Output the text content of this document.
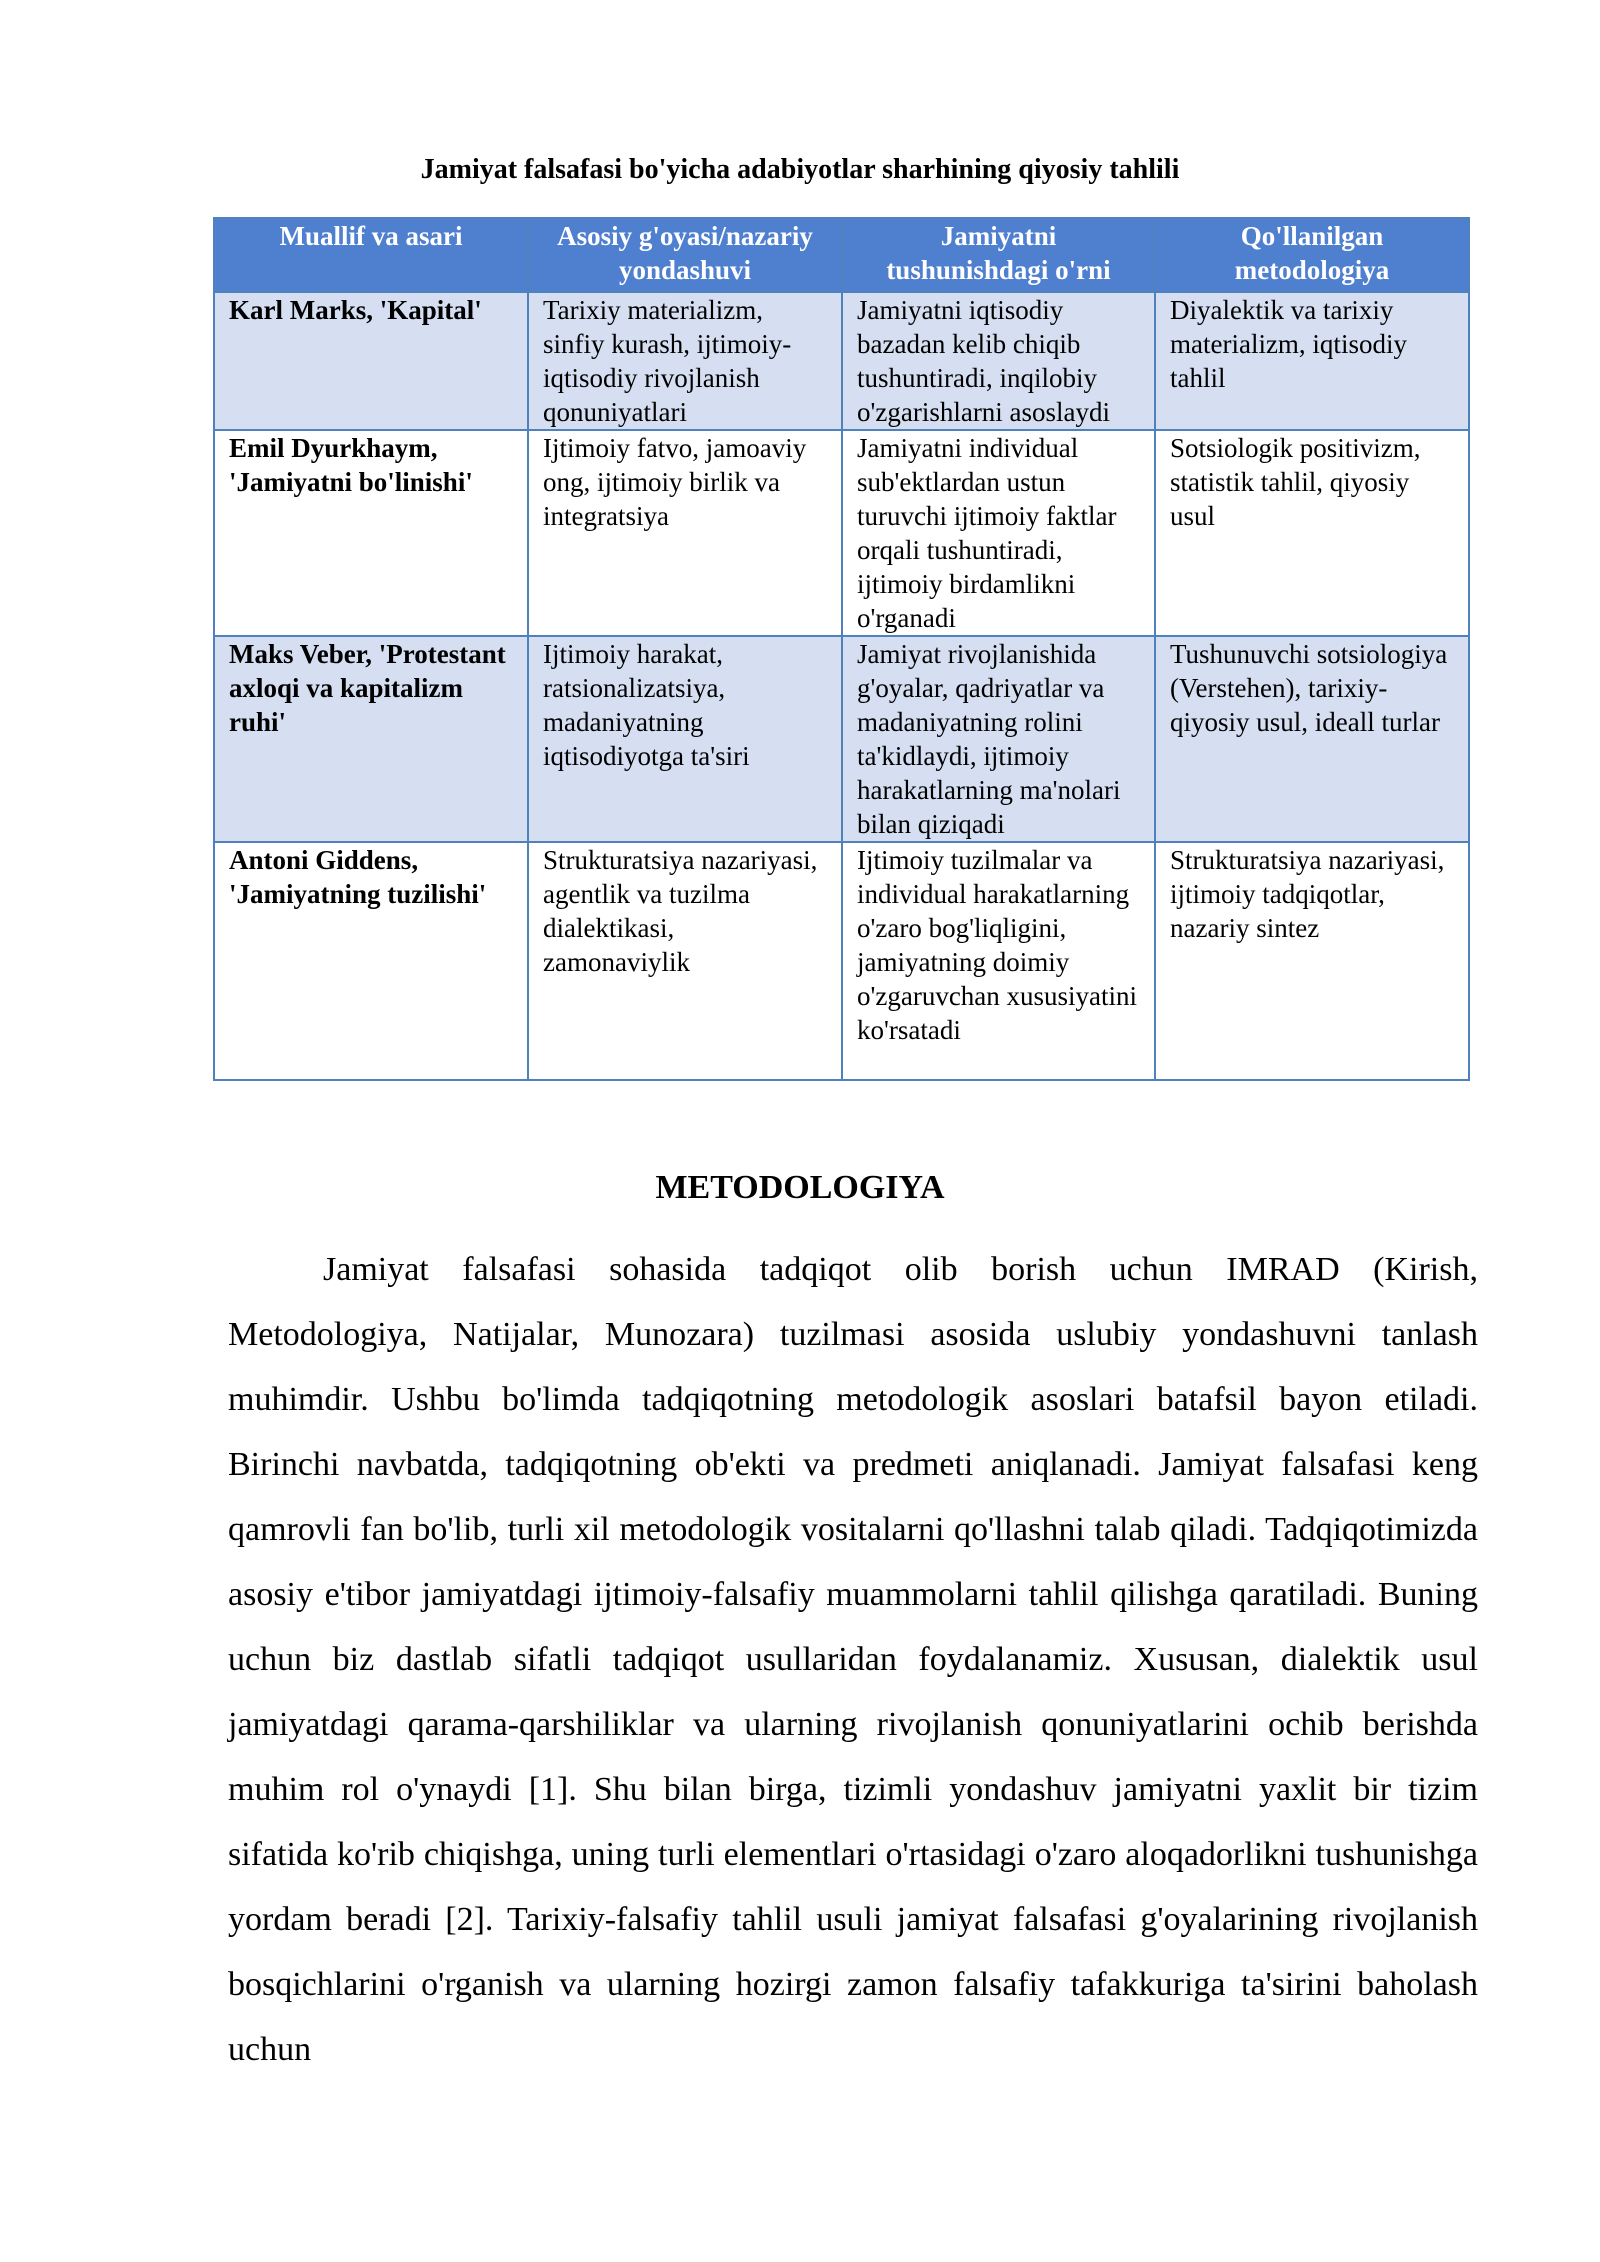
Jamiyat falsafasi bo'yicha adabiyotlar sharhining qiyosiy tahlili
Muallif va asari	Asosiy g'oyasi/nazariy yondashuvi	Jamiyatni tushunishdagi o'rni	Qo'llanilgan metodologiya
Karl Marks, 'Kapital'	Tarixiy materializm, sinfiy kurash, ijtimoiy-iqtisodiy rivojlanish qonuniyatlari	Jamiyatni iqtisodiy bazadan kelib chiqib tushuntiradi, inqilobiy o'zgarishlarni asoslaydi	Diyalektik va tarixiy materializm, iqtisodiy tahlil
Emil Dyurkhaym, 'Jamiyatni bo'linishi'	Ijtimoiy fatvo, jamoaviy ong, ijtimoiy birlik va integratsiya	Jamiyatni individual sub'ektlardan ustun turuvchi ijtimoiy faktlar orqali tushuntiradi, ijtimoiy birdamlikni o'rganadi	Sotsiologik positivizm, statistik tahlil, qiyosiy usul
Maks Veber, 'Protestant axloqi va kapitalizm ruhi'	Ijtimoiy harakat, ratsionalizatsiya, madaniyatning iqtisodiyotga ta'siri	Jamiyat rivojlanishida g'oyalar, qadriyatlar va madaniyatning rolini ta'kidlaydi, ijtimoiy harakatlarning ma'nolari bilan qiziqadi	Tushunuvchi sotsiologiya (Verstehen), tarixiy-qiyosiy usul, ideall turlar
Antoni Giddens, 'Jamiyatning tuzilishi'	Strukturatsiya nazariyasi, agentlik va tuzilma dialektikasi, zamonaviylik	Ijtimoiy tuzilmalar va individual harakatlarning o'zaro bog'liqligini, jamiyatning doimiy o'zgaruvchan xususiyatini ko'rsatadi	Strukturatsiya nazariyasi, ijtimoiy tadqiqotlar, nazariy sintez
METODOLOGIYA

Jamiyat falsafasi sohasida tadqiqot olib borish uchun IMRAD (Kirish, Metodologiya, Natijalar, Munozara) tuzilmasi asosida uslubiy yondashuvni tanlash muhimdir. Ushbu bo'limda tadqiqotning metodologik asoslari batafsil bayon etiladi. Birinchi navbatda, tadqiqotning ob'ekti va predmeti aniqlanadi. Jamiyat falsafasi keng qamrovli fan bo'lib, turli xil metodologik vositalarni qo'llashni talab qiladi. Tadqiqotimizda asosiy e'tibor jamiyatdagi ijtimoiy-falsafiy muammolarni tahlil qilishga qaratiladi. Buning uchun biz dastlab sifatli tadqiqot usullaridan foydalanamiz. Xususan, dialektik usul jamiyatdagi qarama-qarshiliklar va ularning rivojlanish qonuniyatlarini ochib berishda muhim rol o'ynaydi [1]. Shu bilan birga, tizimli yondashuv jamiyatni yaxlit bir tizim sifatida ko'rib chiqishga, uning turli elementlari o'rtasidagi o'zaro aloqadorlikni tushunishga yordam beradi [2]. Tarixiy-falsafiy tahlil usuli jamiyat falsafasi g'oyalarining rivojlanish bosqichlarini o'rganish va ularning hozirgi zamon falsafiy tafakkuriga ta'sirini baholash uchun
